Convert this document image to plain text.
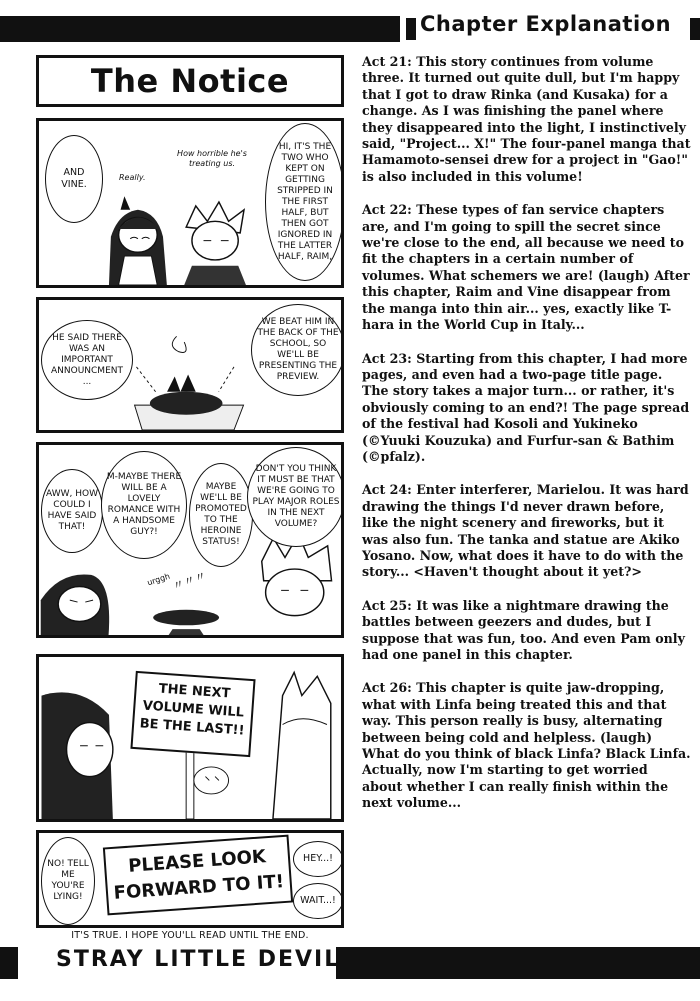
Chapter Explanation
The Notice
AND VINE.
HI, IT'S THE TWO WHO KEPT ON GETTING STRIPPED IN THE FIRST HALF, BUT THEN GOT IGNORED IN THE LATTER HALF, RAIM,
Really.
How horrible he's treating us.
HE SAID THERE WAS AN IMPORTANT ANNOUNCMENT ...
WE BEAT HIM IN THE BACK OF THE SCHOOL, SO WE'LL BE PRESENTING THE PREVIEW.
〃〃〃
AWW, HOW COULD I HAVE SAID THAT!
M-MAYBE THERE WILL BE A LOVELY ROMANCE WITH A HANDSOME GUY?!
MAYBE WE'LL BE PROMOTED TO THE HEROINE STATUS!
DON'T YOU THINK IT MUST BE THAT WE'RE GOING TO PLAY MAJOR ROLES IN THE NEXT VOLUME?
urggh
THE NEXT VOLUME WILL BE THE LAST!!
NO! TELL ME YOU'RE LYING!
PLEASE LOOK FORWARD TO IT!
HEY...!
WAIT...!
IT'S TRUE. I HOPE YOU'LL READ UNTIL THE END.

Act 21: This story continues from volume three. It turned out quite dull, but I'm happy that I got to draw Rinka (and Kusaka) for a change. As I was finishing the panel where they disappeared into the light, I instinctively said, "Project... X!" The four-panel manga that Hamamoto-sensei drew for a project in "Gao!" is also included in this volume!

Act 22: These types of fan service chapters are, and I'm going to spill the secret since we're close to the end, all because we need to fit the chapters in a certain number of volumes. What schemers we are! (laugh) After this chapter, Raim and Vine disappear from the manga into thin air... yes, exactly like T-hara in the World Cup in Italy...

Act 23: Starting from this chapter, I had more pages, and even had a two-page title page. The story takes a major turn... or rather, it's obviously coming to an end?! The page spread of the festival had Kosoli and Yukineko (©Yuuki Kouzuka) and Furfur-san & Bathim (©pfalz).

Act 24: Enter interferer, Marielou. It was hard drawing the things I'd never drawn before, like the night scenery and fireworks, but it was also fun. The tanka and statue are Akiko Yosano. Now, what does it have to do with the story... <Haven't thought about it yet?>

Act 25: It was like a nightmare drawing the battles between geezers and dudes, but I suppose that was fun, too. And even Pam only had one panel in this chapter.

Act 26: This chapter is quite jaw-dropping, what with Linfa being treated this and that way. This person really is busy, alternating between being cold and helpless. (laugh) What do you think of black Linfa? Black Linfa. Actually, now I'm starting to get worried about whether I can really finish within the next volume...

STRAY LITTLE DEVIL
